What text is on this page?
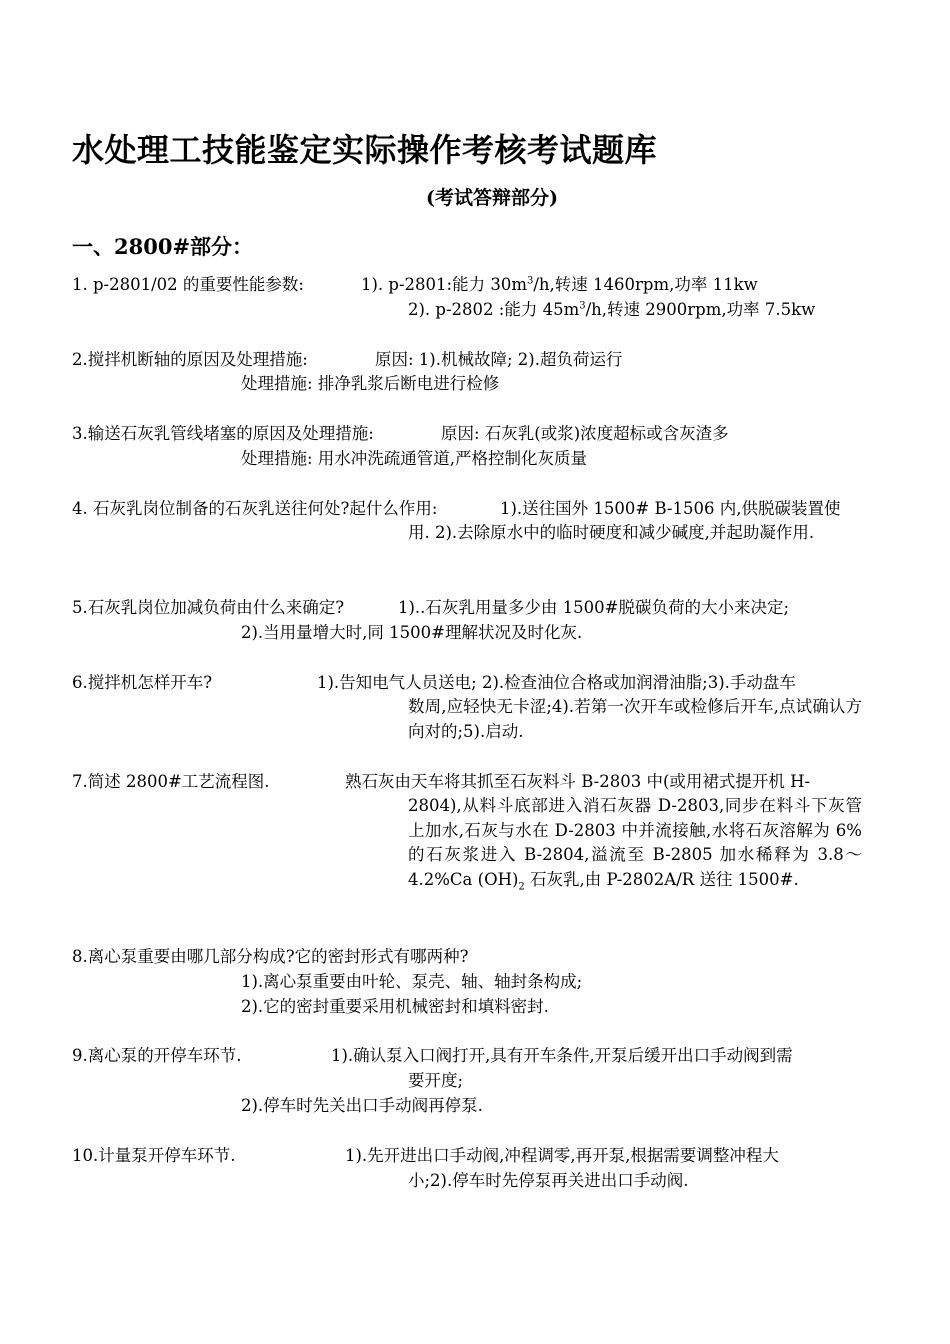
水处理工技能鉴定实际操作考核考试题库
(考试答辩部分)
一、2800#部分：
1. p-2801/02 的重要性能参数:	1). p-2801:能力 $30m^3/h$,转速 1460rpm,功率 11kw
2). p-2802 :能力 $45m^3/h$,转速 2900rpm,功率 7.5kw
2.搅拌机断轴的原因及处理措施:	原因: 1).机械故障; 2).超负荷运行
处理措施: 排净乳浆后断电进行检修
3.输送石灰乳管线堵塞的原因及处理措施:	原因: 石灰乳(或浆)浓度超标或含灰渣多
处理措施: 用水冲洗疏通管道,严格控制化灰质量
4. 石灰乳岗位制备的石灰乳送往何处?起什么作用:	1).送往国外 1500# B-1506 内,供脱碳装置使
用. 2).去除原水中的临时硬度和减少碱度,并起助凝作用.
5.石灰乳岗位加减负荷由什么来确定?	1)..石灰乳用量多少由 1500#脱碳负荷的大小来决定;
2).当用量增大时,同 1500#理解状况及时化灰.
6.搅拌机怎样开车?	1).告知电气人员送电; 2).检查油位合格或加润滑油脂;3).手动盘车
数周,应轻快无卡涩;4).若第一次开车或检修后开车,点试确认方向对的;5).启动.
7.简述 2800#工艺流程图.	熟石灰由天车将其抓至石灰料斗 B-2803 中(或用裙式提开机 H-
2804),从料斗底部进入消石灰器 D-2803,同步在料斗下灰管上加水,石灰与水在 D-2803 中并流接触,水将石灰溶解为 6%的石灰浆进入 B-2804,溢流至 B-2805 加水稀释为 3.8～4.2%Ca $(OH)_2$ 石灰乳,由 P-2802A/R 送往 1500#.
8.离心泵重要由哪几部分构成?它的密封形式有哪两种?
1).离心泵重要由叶轮、泵壳、轴、轴封条构成;
2).它的密封重要采用机械密封和填料密封.
9.离心泵的开停车环节.	1).确认泵入口阀打开,具有开车条件,开泵后缓开出口手动阀到需
要开度;
2).停车时先关出口手动阀再停泵.
10.计量泵开停车环节.	1).先开进出口手动阀,冲程调零,再开泵,根据需要调整冲程大
小;2).停车时先停泵再关进出口手动阀.
